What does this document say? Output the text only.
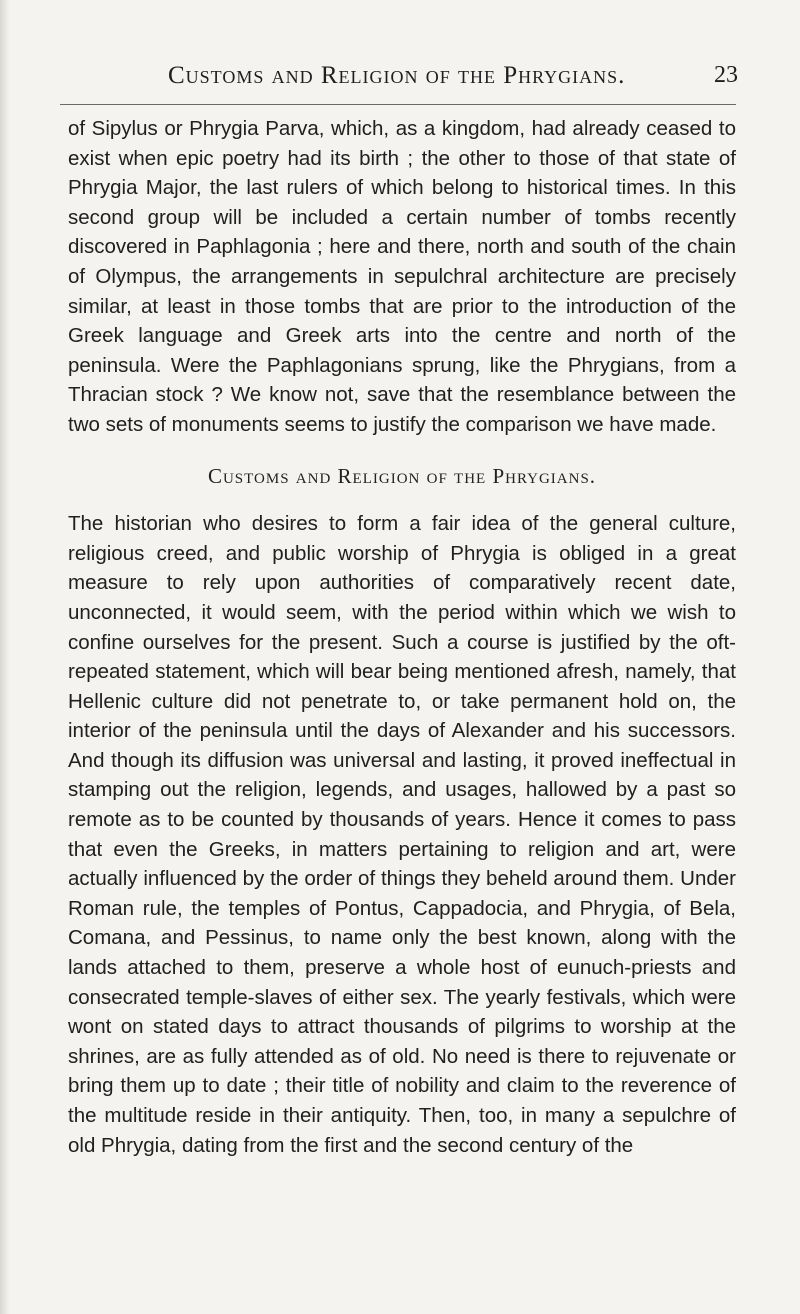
Customs and Religion of the Phrygians.	23

of Sipylus or Phrygia Parva, which, as a kingdom, had already ceased to exist when epic poetry had its birth ; the other to those of that state of Phrygia Major, the last rulers of which belong to historical times. In this second group will be included a certain number of tombs recently discovered in Paphlagonia ; here and there, north and south of the chain of Olympus, the arrangements in sepulchral architecture are precisely similar, at least in those tombs that are prior to the introduction of the Greek language and Greek arts into the centre and north of the peninsula. Were the Paphlagonians sprung, like the Phrygians, from a Thracian stock ? We know not, save that the resemblance between the two sets of monuments seems to justify the comparison we have made.

Customs and Religion of the Phrygians.

The historian who desires to form a fair idea of the general culture, religious creed, and public worship of Phrygia is obliged in a great measure to rely upon authorities of comparatively recent date, unconnected, it would seem, with the period within which we wish to confine ourselves for the present. Such a course is justified by the oft-repeated statement, which will bear being mentioned afresh, namely, that Hellenic culture did not penetrate to, or take permanent hold on, the interior of the peninsula until the days of Alexander and his successors. And though its diffusion was universal and lasting, it proved ineffectual in stamping out the religion, legends, and usages, hallowed by a past so remote as to be counted by thousands of years. Hence it comes to pass that even the Greeks, in matters pertaining to religion and art, were actually influenced by the order of things they beheld around them. Under Roman rule, the temples of Pontus, Cappadocia, and Phrygia, of Bela, Comana, and Pessinus, to name only the best known, along with the lands attached to them, preserve a whole host of eunuch-priests and consecrated temple-slaves of either sex. The yearly festivals, which were wont on stated days to attract thousands of pilgrims to worship at the shrines, are as fully attended as of old. No need is there to rejuvenate or bring them up to date ; their title of nobility and claim to the reverence of the multitude reside in their antiquity. Then, too, in many a sepulchre of old Phrygia, dating from the first and the second century of the
